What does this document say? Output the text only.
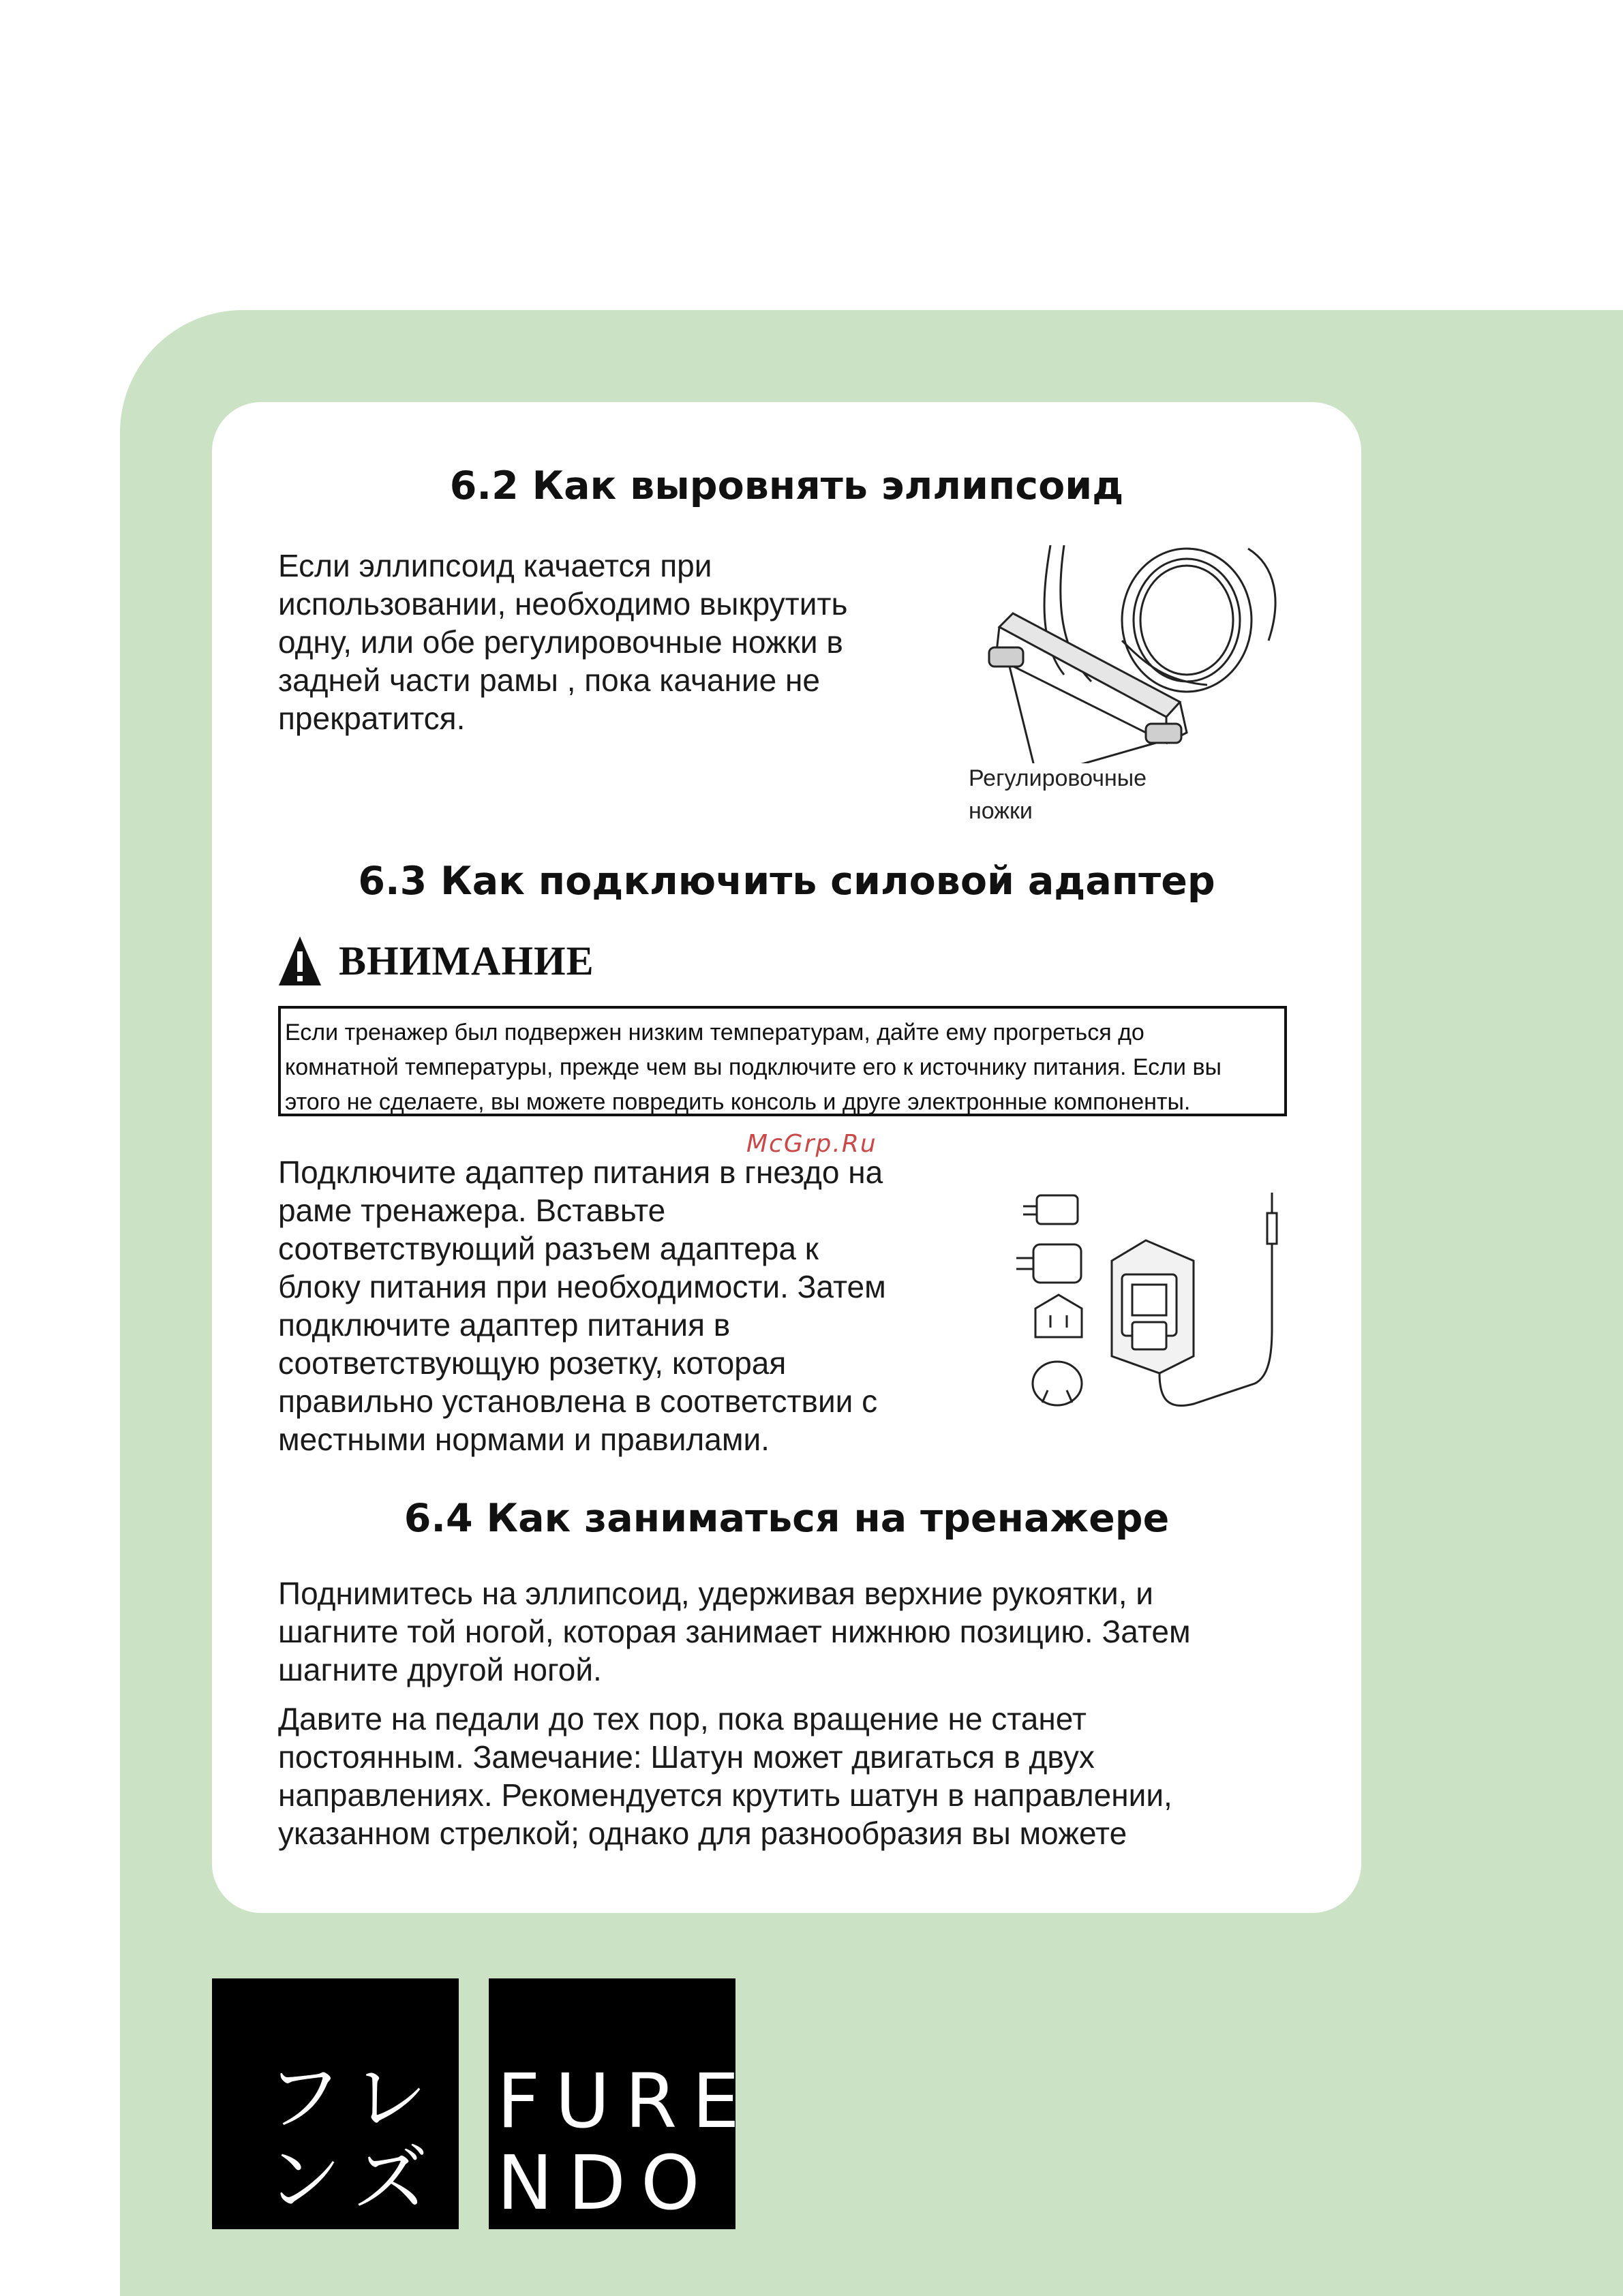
6.2 Как выровнять эллипсоид
Если эллипсоид качается при
использовании, необходимо выкрутить
одну, или обе регулировочные ножки в
задней части рамы , пока качание не
прекратится.
Регулировочные
ножки
6.3 Как подключить силовой адаптер
ВНИМАНИЕ
Если тренажер был подвержен низким температурам, дайте ему прогреться до
комнатной температуры, прежде чем вы подключите его к источнику питания. Если вы
этого не сделаете, вы можете повредить консоль и друге электронные компоненты.
McGrp.Ru
Подключите адаптер питания в гнездо на
раме тренажера. Вставьте
соответствующий разъем адаптера к
блоку питания при необходимости. Затем
подключите адаптер питания в
соответствующую розетку, которая
правильно установлена в соответствии с
местными нормами и правилами.
6.4 Как заниматься на тренажере
Поднимитесь на эллипсоид, удерживая верхние рукоятки, и
шагните той ногой, которая занимает нижнюю позицию. Затем
шагните другой ногой.
Давите на педали до тех пор, пока вращение не станет
постоянным. Замечание: Шатун может двигаться в двух
направлениях. Рекомендуется крутить шатун в направлении,
указанном стрелкой; однако для разнообразия вы можете
フレ
ンズ
FURE
NDO
